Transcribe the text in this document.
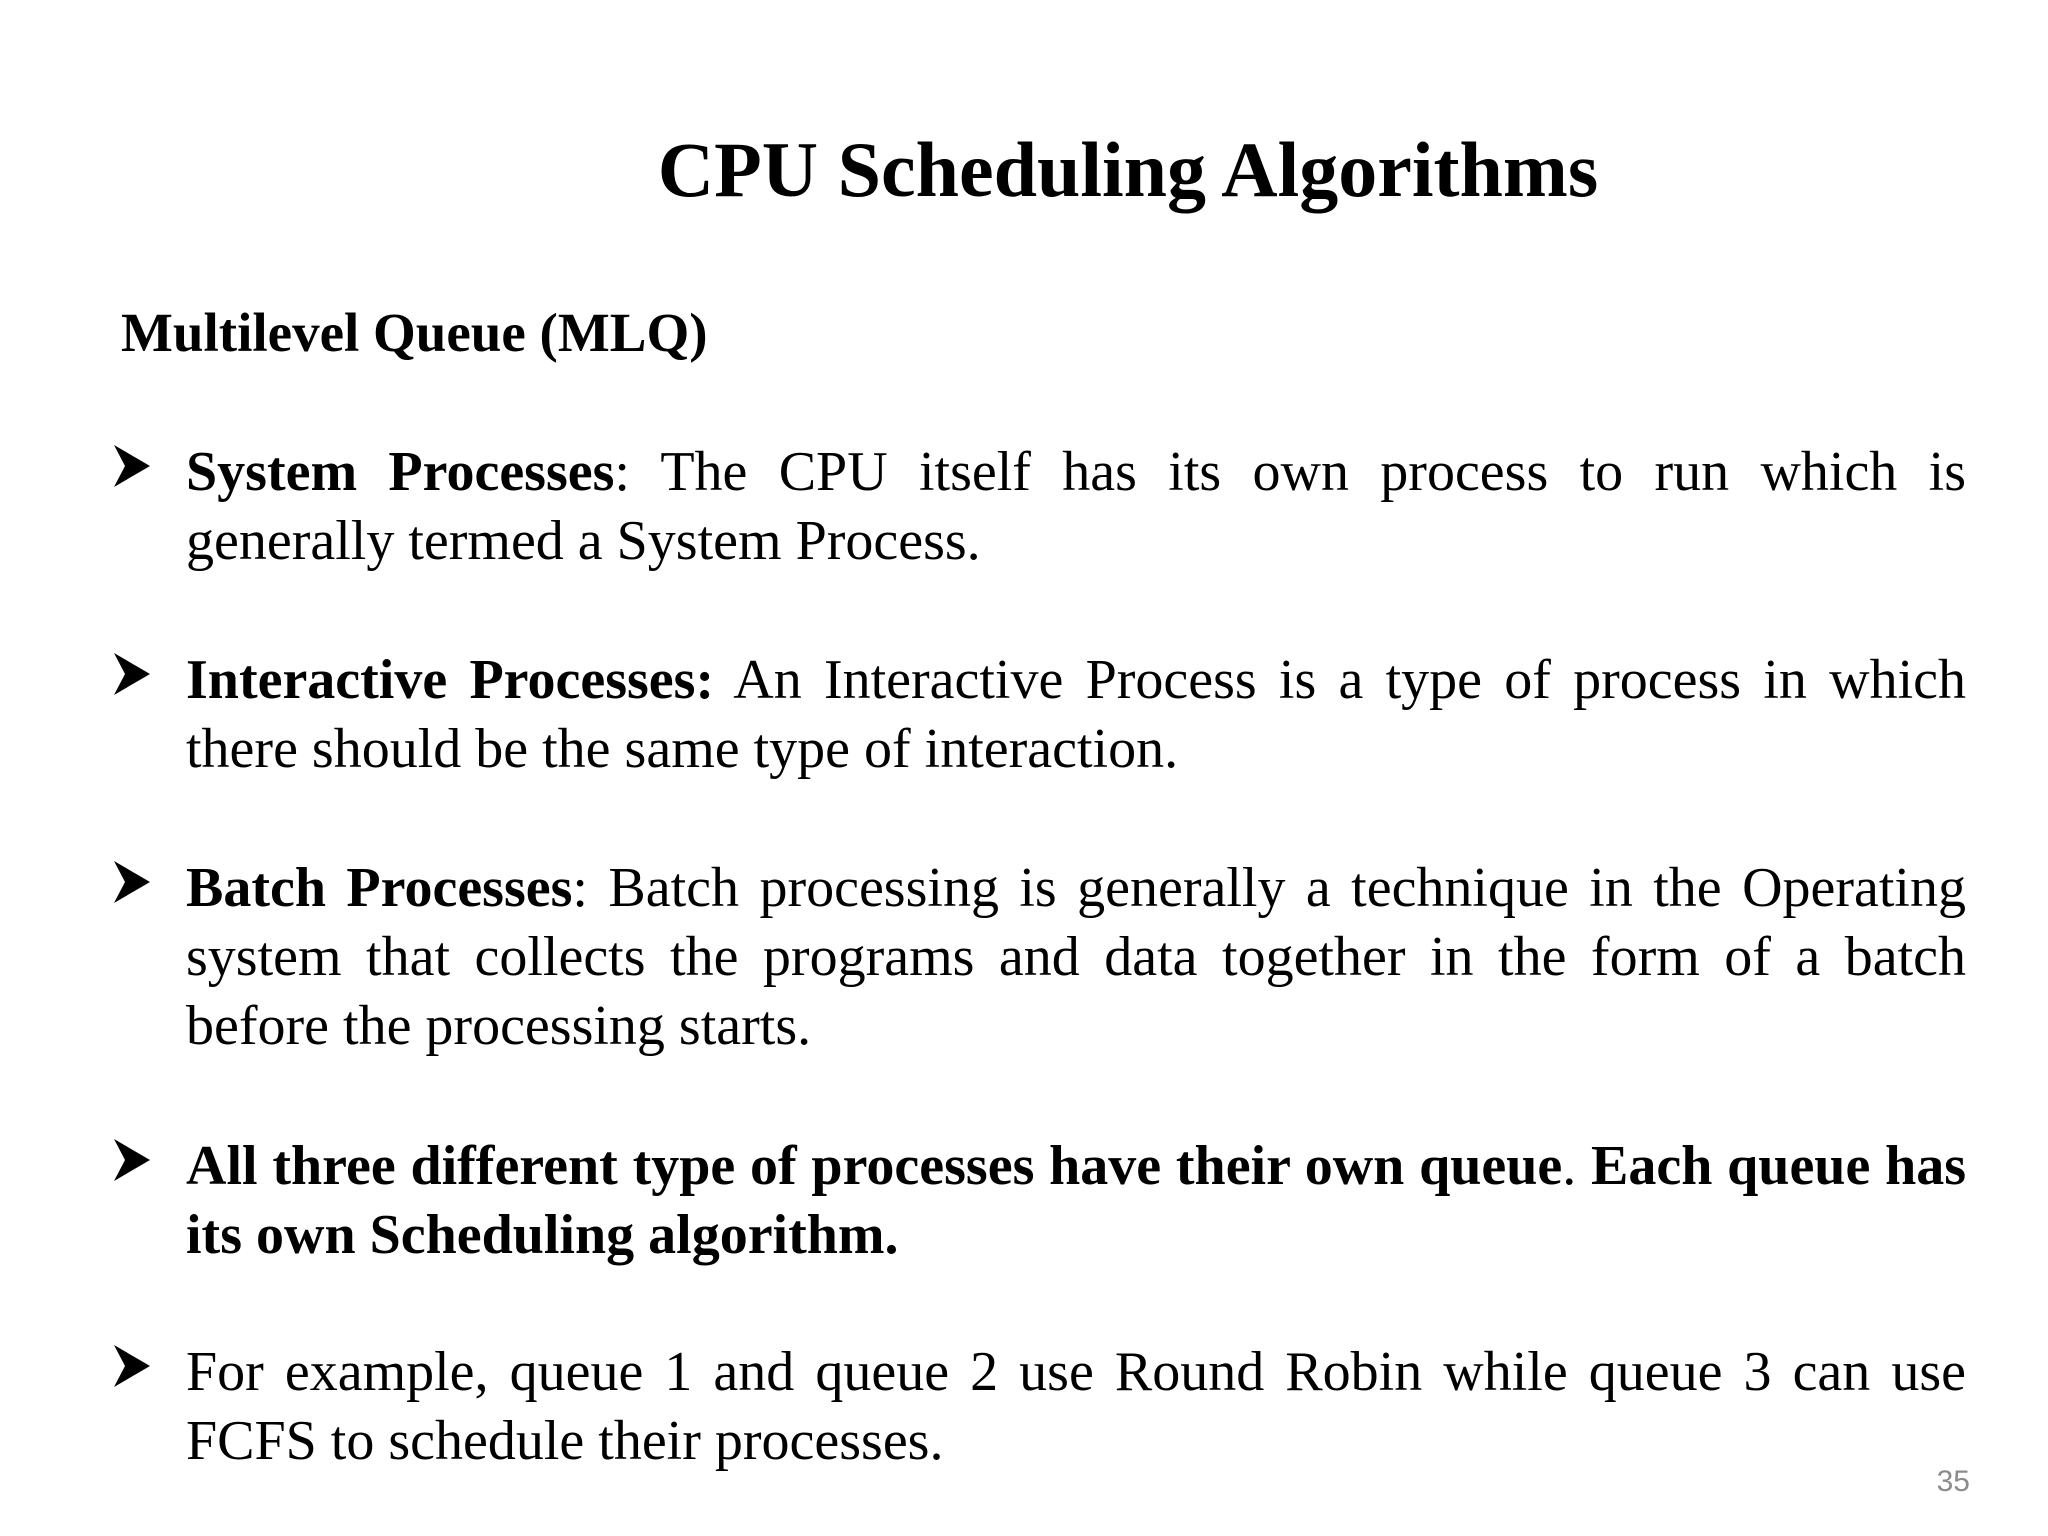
CPU Scheduling Algorithms
Multilevel Queue (MLQ)

System Processes: The CPU itself has its own process to run which is generally termed a System Process.

Interactive Processes: An Interactive Process is a type of process in which there should be the same type of interaction.

Batch Processes: Batch processing is generally a technique in the Operating system that collects the programs and data together in the form of a batch before the processing starts.

All three different type of processes have their own queue. Each queue has its own Scheduling algorithm.

For example, queue 1 and queue 2 use Round Robin while queue 3 can use FCFS to schedule their processes.

35
